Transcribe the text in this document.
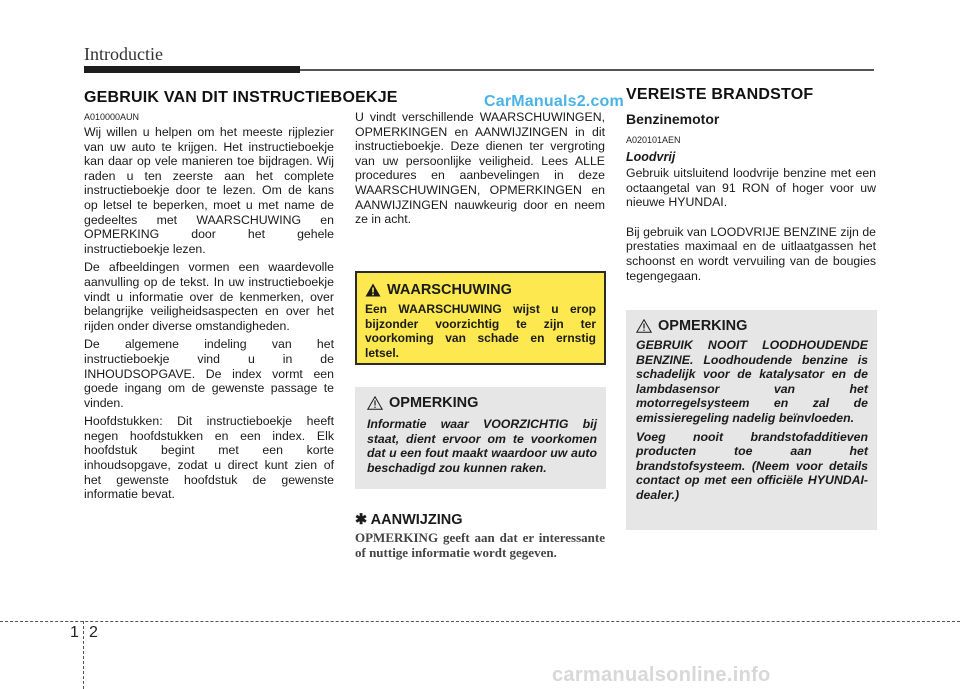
Introductie
CarManuals2.com
GEBRUIK VAN DIT INSTRUCTIEBOEKJE
A010000AUN

Wij willen u helpen om het meeste rijplezier van uw auto te krijgen. Het instructieboekje kan daar op vele manieren toe bijdragen. Wij raden u ten zeerste aan het complete instructieboekje door te lezen. Om de kans op letsel te beperken, moet u met name de gedeeltes met WAARSCHUWING en OPMERKING door het gehele instructieboekje lezen.

De afbeeldingen vormen een waardevolle aanvulling op de tekst. In uw instructieboekje vindt u informatie over de kenmerken, over belangrijke veiligheidsaspecten en over het rijden onder diverse omstandigheden.

De algemene indeling van het instructieboekje vind u in de INHOUDSOPGAVE. De index vormt een goede ingang om de gewenste passage te vinden.

Hoofdstukken: Dit instructieboekje heeft negen hoofdstukken en een index. Elk hoofdstuk begint met een korte inhoudsopgave, zodat u direct kunt zien of het gewenste hoofdstuk de gewenste informatie bevat.

U vindt verschillende WAARSCHUWINGEN, OPMERKINGEN en AANWIJZINGEN in dit instructieboekje. Deze dienen ter vergroting van uw persoonlijke veiligheid. Lees ALLE procedures en aanbevelingen in deze WAARSCHUWINGEN, OPMERKINGEN en AANWIJZINGEN nauwkeurig door en neem ze in acht.
WAARSCHUWING
Een WAARSCHUWING wijst u erop bijzonder voorzichtig te zijn ter voorkoming van schade en ernstig letsel.
OPMERKING
Informatie waar VOORZICHTIG bij staat, dient ervoor om te voorkomen dat u een fout maakt waardoor uw auto beschadigd zou kunnen raken.
✱ AANWIJZING
OPMERKING geeft aan dat er interessante of nuttige informatie wordt gegeven.
VEREISTE BRANDSTOF
Benzinemotor
A020101AEN
Loodvrij

Gebruik uitsluitend loodvrije benzine met een octaangetal van 91 RON of hoger voor uw nieuwe HYUNDAI.

Bij gebruik van LOODVRIJE BENZINE zijn de prestaties maximaal en de uitlaatgassen het schoonst en wordt vervuiling van de bougies tegengegaan.

OPMERKING

GEBRUIK NOOIT LOODHOUDENDE BENZINE. Loodhoudende benzine is schadelijk voor de katalysator en de lambdasensor van het motorregelsysteem en zal de emissieregeling nadelig beïnvloeden.

Voeg nooit brandstofadditieven producten toe aan het brandstofsysteem. (Neem voor details contact op met een officiële HYUNDAI-dealer.)

1 2
carmanualsonline.info
